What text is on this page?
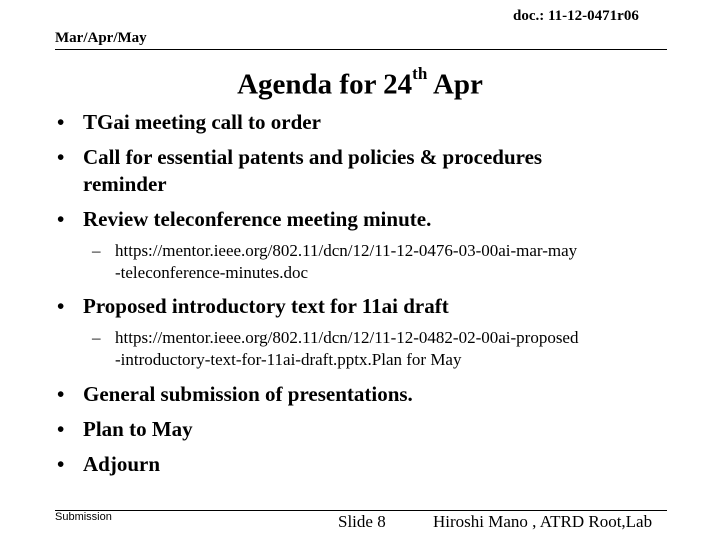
doc.: 11-12-0471r06
Mar/Apr/May
Agenda for 24th Apr
• TGai meeting call to order
• Call for essential patents and policies & procedures
reminder
• Review teleconference meeting minute.
– https://mentor.ieee.org/802.11/dcn/12/11-12-0476-03-00ai-mar-may
-teleconference-minutes.doc
• Proposed introductory text for 11ai draft
– https://mentor.ieee.org/802.11/dcn/12/11-12-0482-02-00ai-proposed
-introductory-text-for-11ai-draft.pptx.Plan for May
• General submission of presentations.
• Plan to May
• Adjourn
Submission	Slide 8	Hiroshi Mano , ATRD Root,Lab
